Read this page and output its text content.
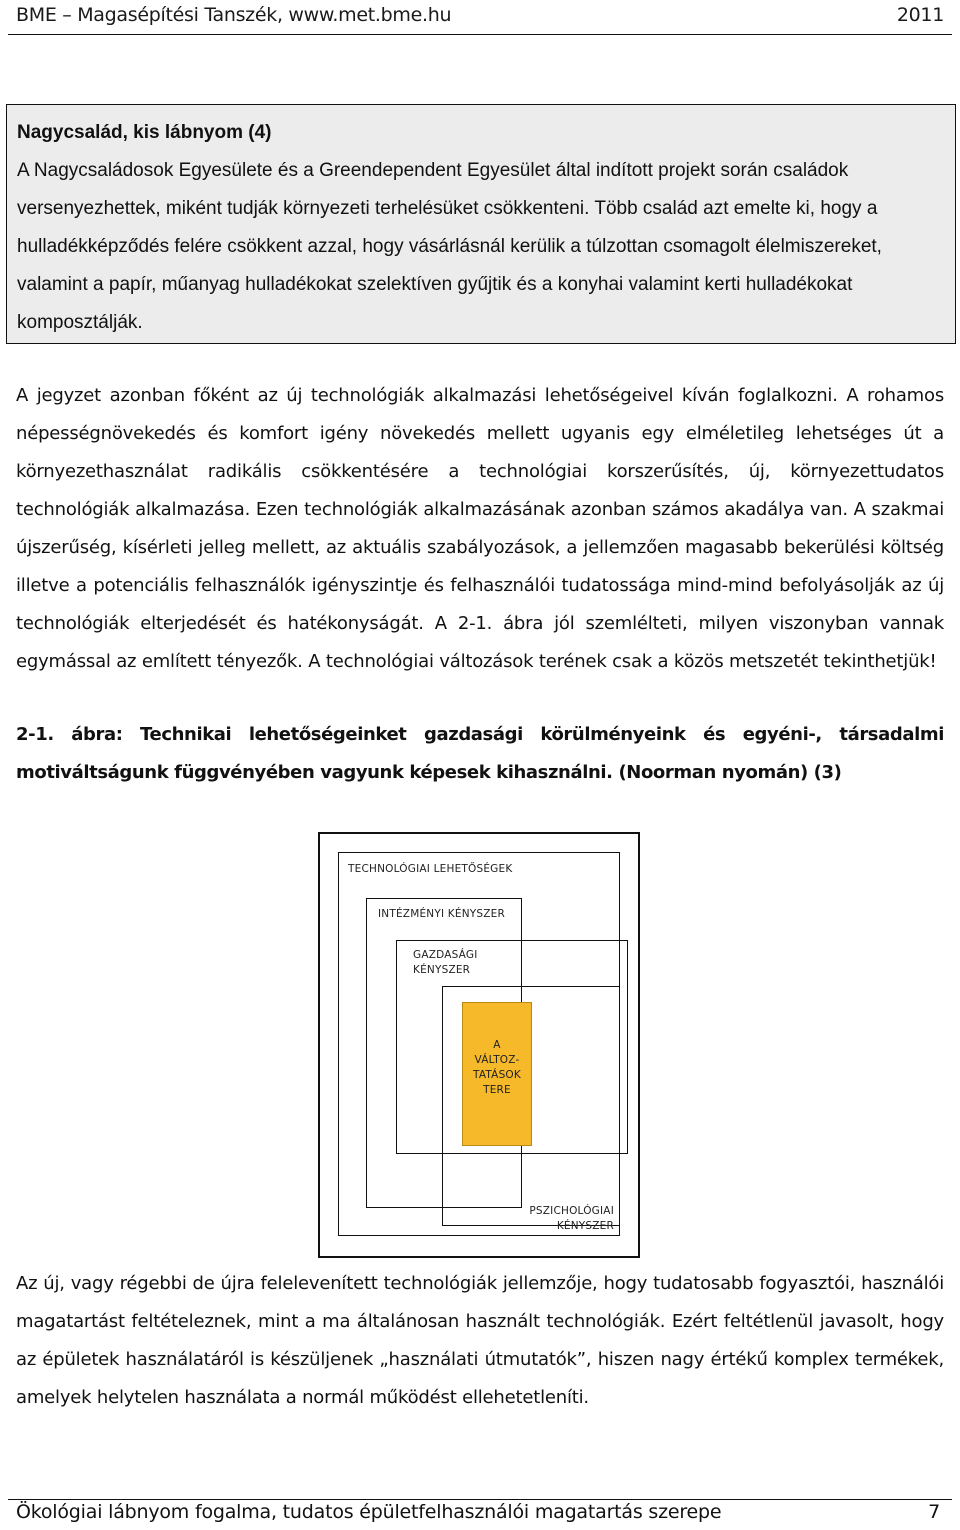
BME – Magasépítési Tanszék, www.met.bme.hu	2011

Nagycsalád, kis lábnyom (4)

A Nagycsaládosok Egyesülete és a Greendependent Egyesület által indított projekt során családok versenyezhettek, miként tudják környezeti terhelésüket csökkenteni. Több család azt emelte ki, hogy a hulladékképződés felére csökkent azzal, hogy vásárlásnál kerülik a túlzottan csomagolt élelmiszereket, valamint a papír, műanyag hulladékokat szelektíven gyűjtik és a konyhai valamint kerti hulladékokat komposztálják.

A jegyzet azonban főként az új technológiák alkalmazási lehetőségeivel kíván foglalkozni. A rohamos népességnövekedés és komfort igény növekedés mellett ugyanis egy elméletileg lehetséges út a környezethasználat radikális csökkentésére a technológiai korszerűsítés, új, környezettudatos technológiák alkalmazása. Ezen technológiák alkalmazásának azonban számos akadálya van. A szakmai újszerűség, kísérleti jelleg mellett, az aktuális szabályozások, a jellemzően magasabb bekerülési költség illetve a potenciális felhasználók igényszintje és felhasználói tudatossága mind-mind befolyásolják az új technológiák elterjedését és hatékonyságát. A 2-1. ábra jól szemlélteti, milyen viszonyban vannak egymással az említett tényezők. A technológiai változások terének csak a közös metszetét tekinthetjük!

2-1. ábra: Technikai lehetőségeinket gazdasági körülményeink és egyéni-, társadalmi motiváltságunk függvényében vagyunk képesek kihasználni. (Noorman nyomán) (3)

TECHNOLÓGIAI LEHETŐSÉGEK
INTÉZMÉNYI KÉNYSZER
GAZDASÁGI
KÉNYSZER
A
VÁLTOZ-
TATÁSOK
TERE
PSZICHOLÓGIAI
KÉNYSZER

Az új, vagy régebbi de újra felelevenített technológiák jellemzője, hogy tudatosabb fogyasztói, használói magatartást feltételeznek, mint a ma általánosan használt technológiák. Ezért feltétlenül javasolt, hogy az épületek használatáról is készüljenek „használati útmutatók”, hiszen nagy értékű komplex termékek, amelyek helytelen használata a normál működést ellehetetleníti.

Ökológiai lábnyom fogalma, tudatos épületfelhasználói magatartás szerepe	7
